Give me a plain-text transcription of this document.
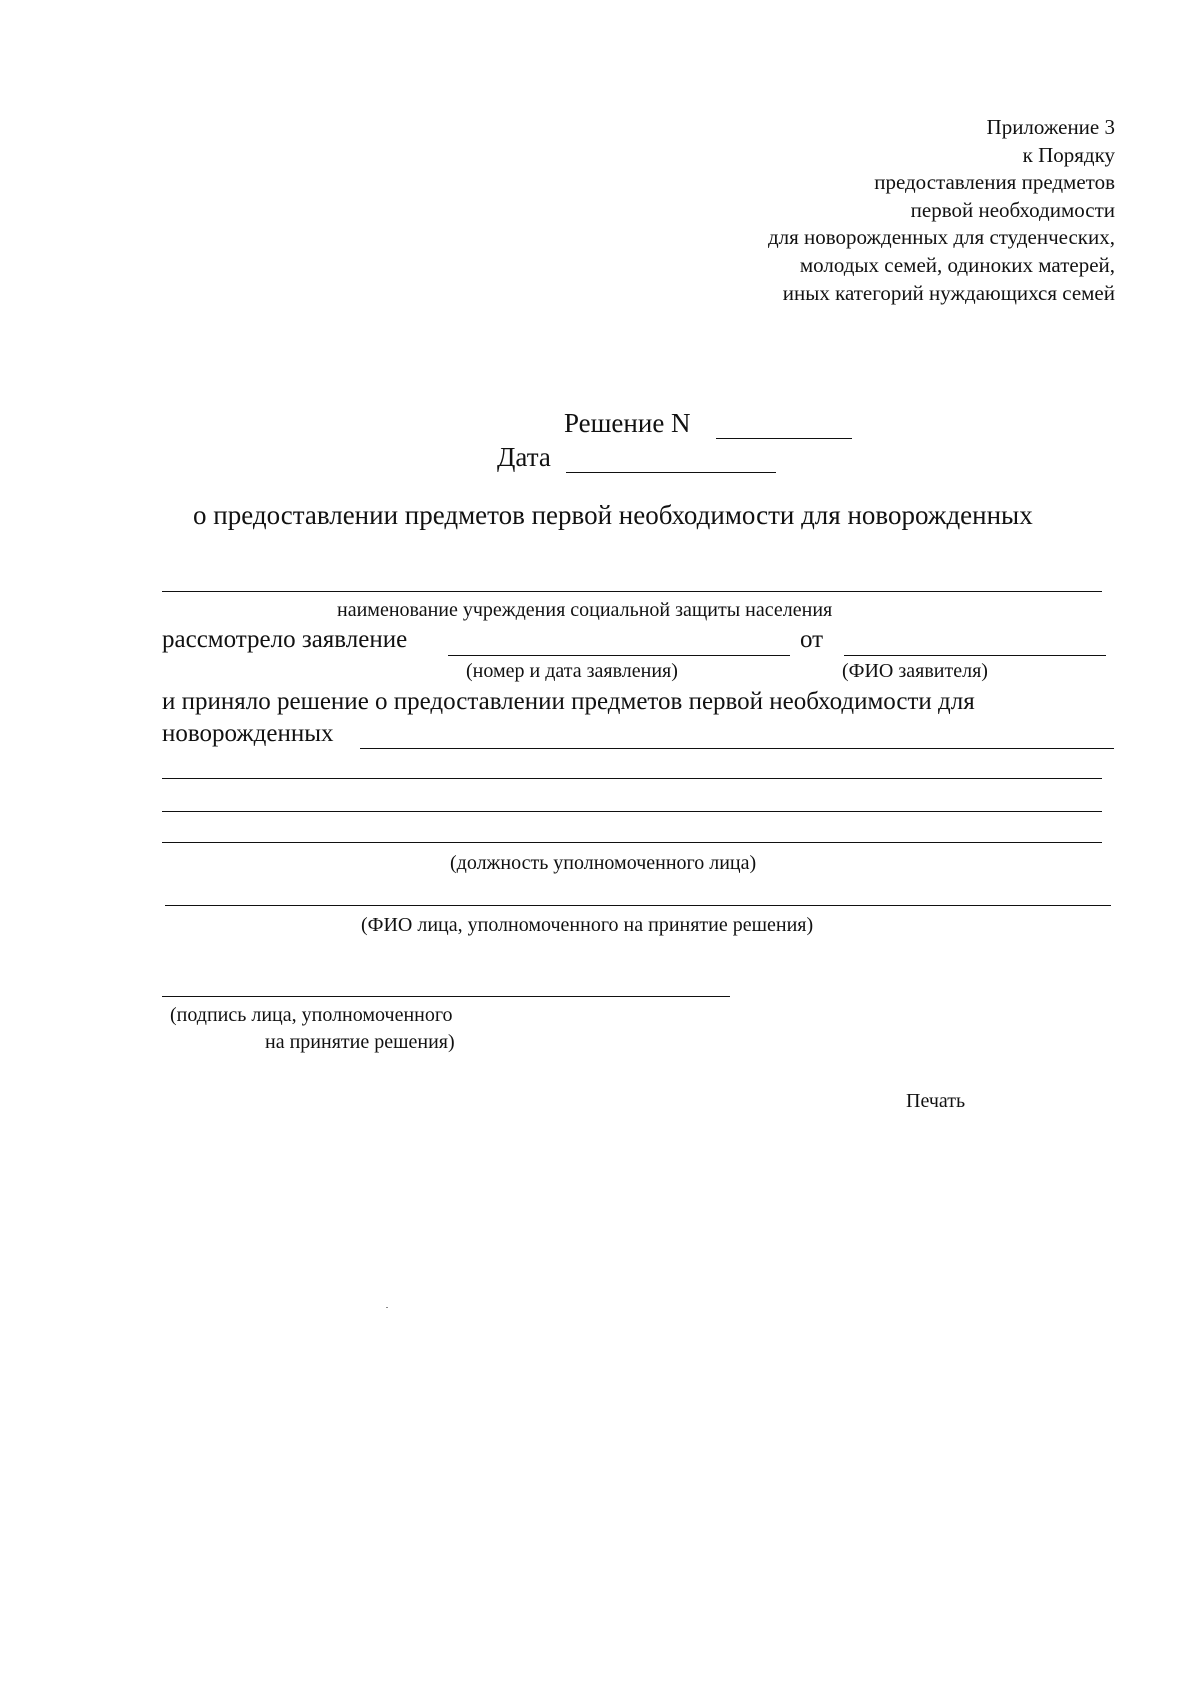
Приложение 3
к Порядку
предоставления предметов
первой необходимости
для новорожденных для студенческих,
молодых семей, одиноких матерей,
иных категорий нуждающихся семей
Решение N
Дата
о предоставлении предметов первой необходимости для новорожденных
наименование учреждения социальной защиты населения
рассмотрело заявление	от
(номер и дата заявления)	(ФИО заявителя)
и приняло решение о предоставлении предметов первой необходимости для
новорожденных
(должность уполномоченного лица)
(ФИО лица, уполномоченного на принятие решения)
(подпись лица, уполномоченного
на принятие решения)
Печать
